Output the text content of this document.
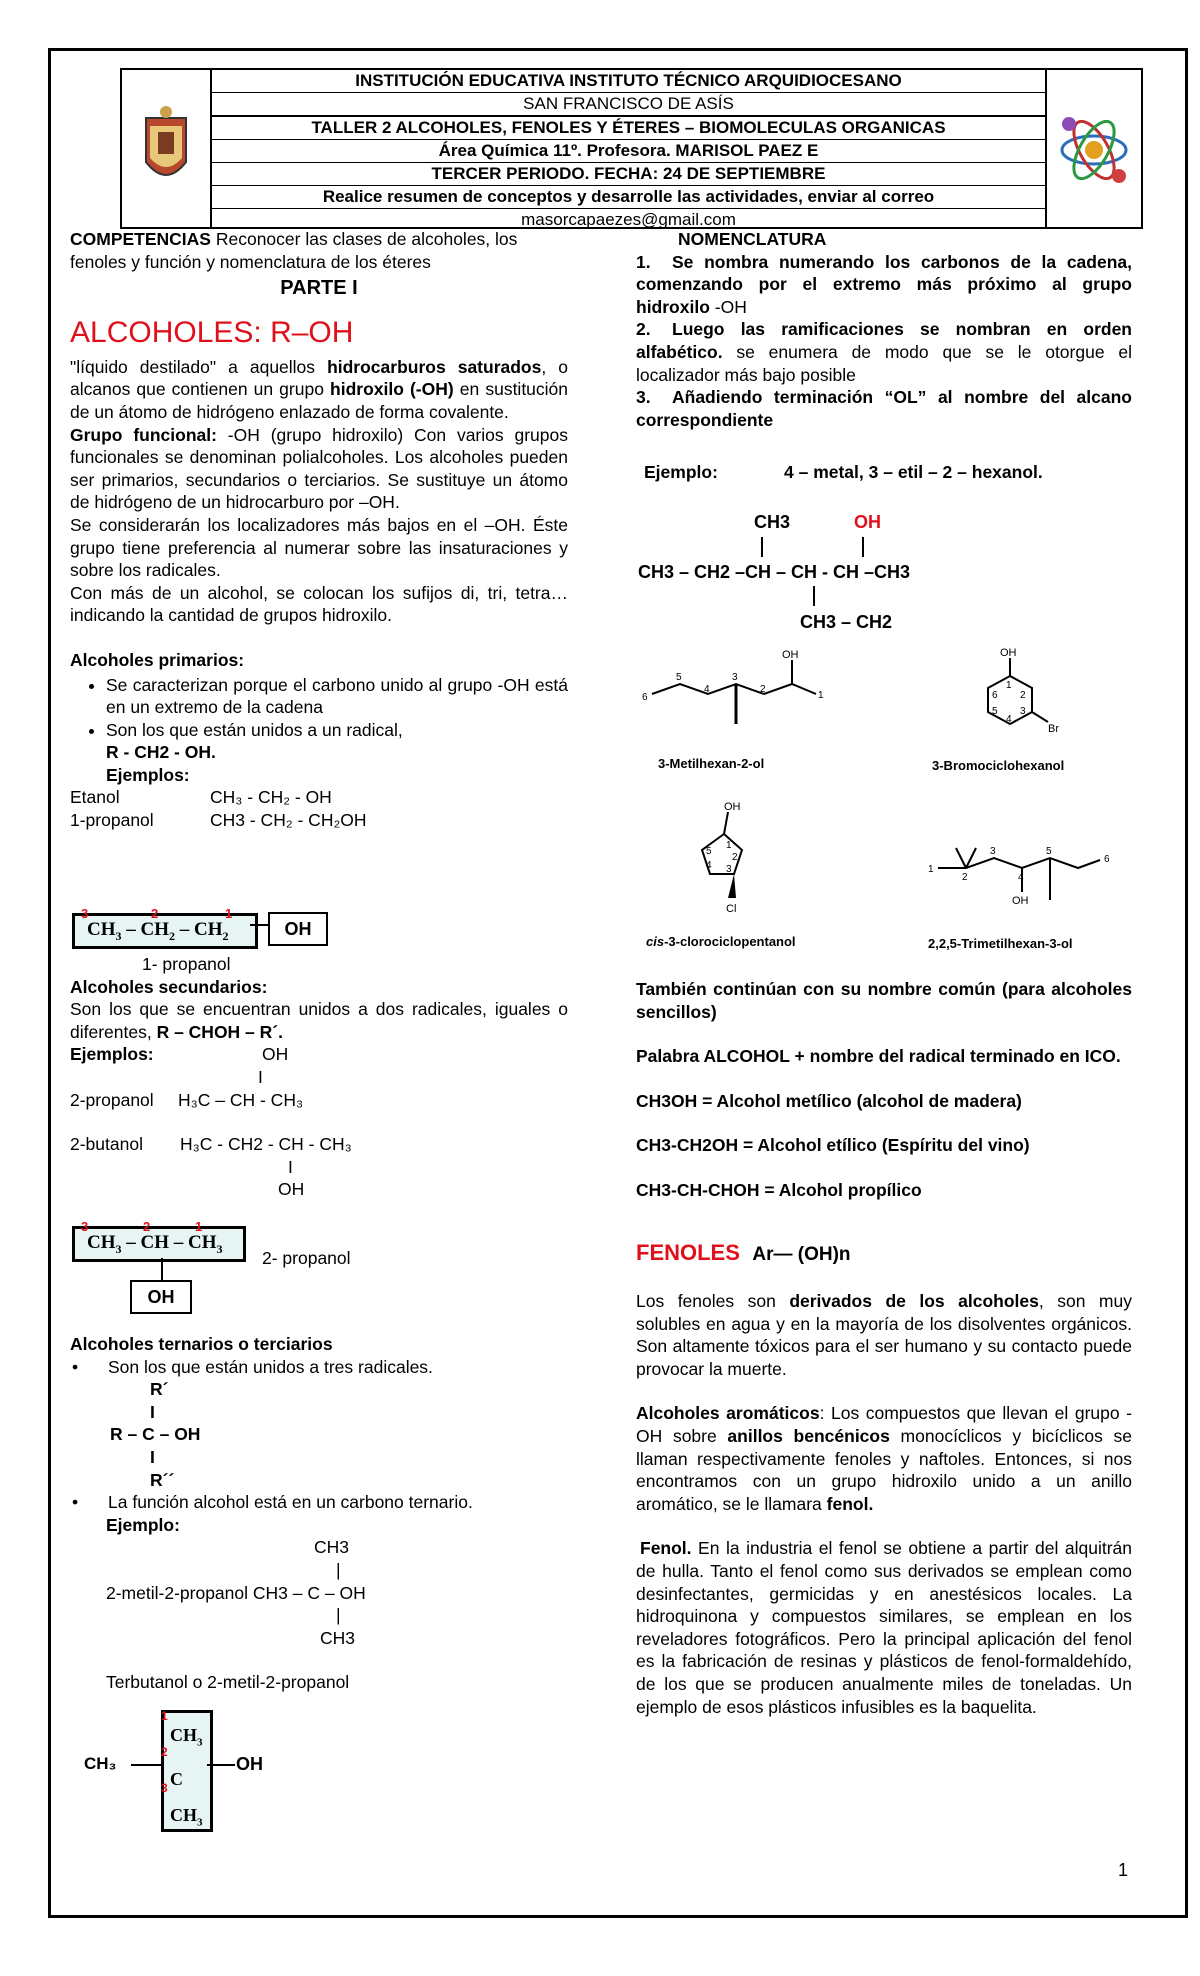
INSTITUCIÓN EDUCATIVA INSTITUTO TÉCNICO ARQUIDIOCESANO
SAN FRANCISCO DE ASÍS
TALLER 2 ALCOHOLES, FENOLES Y ÉTERES – BIOMOLECULAS ORGANICAS
Área Química 11º. Profesora. MARISOL PAEZ E
TERCER PERIODO. FECHA: 24 DE SEPTIEMBRE
Realice resumen de conceptos y desarrolle las actividades, enviar al correo
masorcapaezes@gmail.com

COMPETENCIAS Reconocer las clases de alcoholes, los fenoles y función y nomenclatura de los éteres

PARTE I

ALCOHOLES: R–OH

"líquido destilado" a aquellos hidrocarburos saturados, o alcanos que contienen un grupo hidroxilo (-OH) en sustitución de un átomo de hidrógeno enlazado de forma covalente.

Grupo funcional: -OH (grupo hidroxilo) Con varios grupos funcionales se denominan polialcoholes. Los alcoholes pueden ser primarios, secundarios o terciarios. Se sustituye un átomo de hidrógeno de un hidrocarburo por –OH.

Se considerarán los localizadores más bajos en el –OH. Éste grupo tiene preferencia al numerar sobre las insaturaciones y sobre los radicales.

Con más de un alcohol, se colocan los sufijos di, tri, tetra…indicando la cantidad de grupos hidroxilo.

Alcoholes primarios:

• Se caracterizan porque el carbono unido al grupo -OH está en un extremo de la cadena
• Son los que están unidos a un radical,
R - CH2 - OH.
Ejemplos:

Etanol	CH₃ - CH₂ - OH

1-propanol	CH3 - CH₂ - CH₂OH

$CH_3 - CH_2 - CH_2$
3	2	1
OH

1- propanol

Alcoholes secundarios:

Son los que se encuentran unidos a dos radicales, iguales o diferentes, R – CHOH – R´.

Ejemplos:	OH

I

2-propanol H₃C – CH - CH₃

2-butanol H₃C - CH2 - CH - CH₃

I

OH

$CH_3$ – CH – $CH_3$
3	2	1
OH
2- propanol

Alcoholes ternarios o terciarios

• Son los que están unidos a tres radicales.

R´

I

R – C – OH

I

R´´

• La función alcohol está en un carbono ternario.

Ejemplo:

CH3

|

2-metil-2-propanol CH3 – C – OH

|

CH3

Terbutanol o 2-metil-2-propanol

$CH_3$
C
$CH_3$
1
2
3
CH₃	OH

NOMENCLATURA

1. Se nombra numerando los carbonos de la cadena, comenzando por el extremo más próximo al grupo hidroxilo -OH

2. Luego las ramificaciones se nombran en orden alfabético. se enumera de modo que se le otorgue el localizador más bajo posible

3. Añadiendo terminación “OL” al nombre del alcano correspondiente

Ejemplo:	4 – metal, 3 – etil – 2 – hexanol.
CH3	OH
CH3 – CH2 –CH – CH - CH –CH3
CH3 – CH2
OH
6
5
4
3
2
1
3-Metilhexan-2-ol
OH
Br
1
2
3
4
5
6
3-Bromociclohexanol
OH
Cl
1
2
3
4
5
cis-3-clorociclopentanol
OH
1
2
3
4
5
6
2,2,5-Trimetilhexan-3-ol

También continúan con su nombre común (para alcoholes sencillos)

Palabra ALCOHOL + nombre del radical terminado en ICO.

CH3OH = Alcohol metílico (alcohol de madera)

CH3-CH2OH = Alcohol etílico (Espíritu del vino)

CH3-CH-CHOH = Alcohol propílico

FENOLES Ar— (OH)n

Los fenoles son derivados de los alcoholes, son muy solubles en agua y en la mayoría de los disolventes orgánicos. Son altamente tóxicos para el ser humano y su contacto puede provocar la muerte.

Alcoholes aromáticos: Los compuestos que llevan el grupo -OH sobre anillos bencénicos monocíclicos y bicíclicos se llaman respectivamente fenoles y naftoles. Entonces, si nos encontramos con un grupo hidroxilo unido a un anillo aromático, se le llamara fenol.

Fenol. En la industria el fenol se obtiene a partir del alquitrán de hulla. Tanto el fenol como sus derivados se emplean como desinfectantes, germicidas y en anestésicos locales. La hidroquinona y compuestos similares, se emplean en los reveladores fotográficos. Pero la principal aplicación del fenol es la fabricación de resinas y plásticos de fenol-formaldehído, de los que se producen anualmente miles de toneladas. Un ejemplo de esos plásticos infusibles es la baquelita.

1
